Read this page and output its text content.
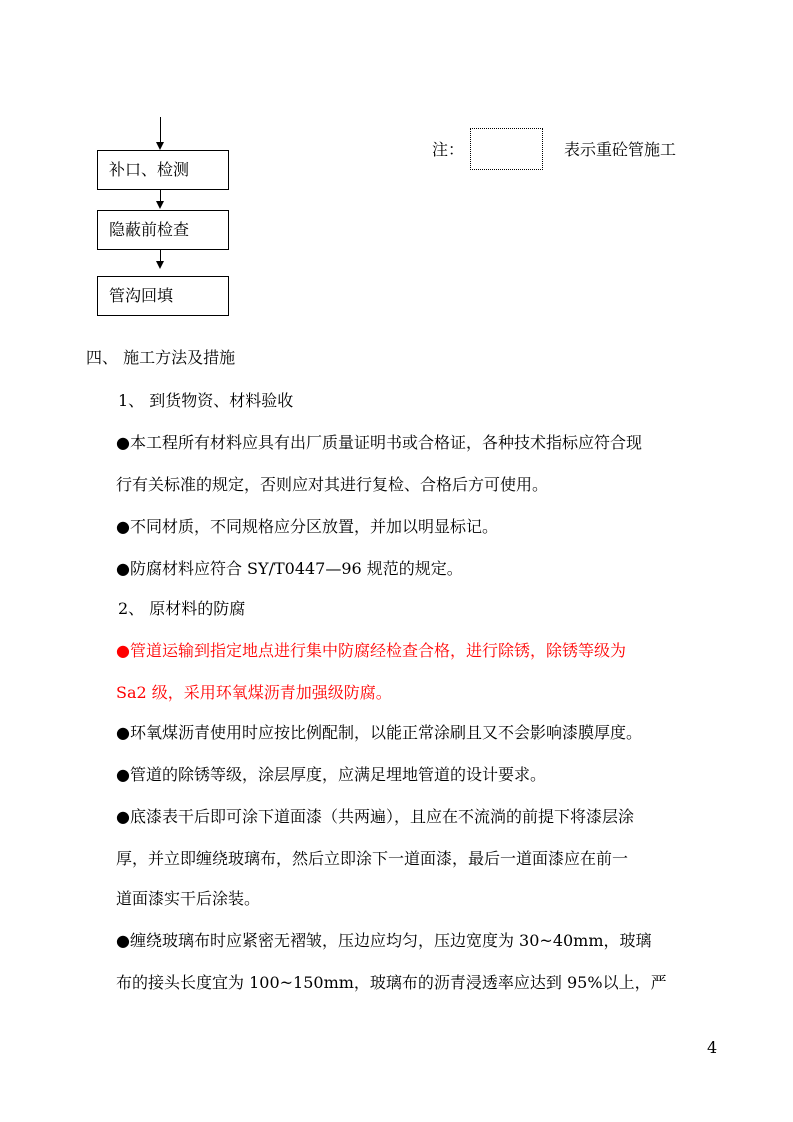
补口、检测
隐蔽前检查
管沟回填
注：	表示重砼管施工
四、 施工方法及措施
1、 到货物资、材料验收
●本工程所有材料应具有出厂质量证明书或合格证，各种技术指标应符合现
行有关标准的规定，否则应对其进行复检、合格后方可使用。
●不同材质，不同规格应分区放置，并加以明显标记。
●防腐材料应符合 SY/T0447—96 规范的规定。
2、 原材料的防腐
●管道运输到指定地点进行集中防腐经检查合格，进行除锈，除锈等级为
Sa2 级，采用环氧煤沥青加强级防腐。
●环氧煤沥青使用时应按比例配制，以能正常涂刷且又不会影响漆膜厚度。
●管道的除锈等级，涂层厚度，应满足埋地管道的设计要求。
●底漆表干后即可涂下道面漆（共两遍），且应在不流淌的前提下将漆层涂
厚，并立即缠绕玻璃布，然后立即涂下一道面漆，最后一道面漆应在前一
道面漆实干后涂装。
●缠绕玻璃布时应紧密无褶皱，压边应均匀，压边宽度为 30~40mm，玻璃
布的接头长度宜为 100~150mm，玻璃布的沥青浸透率应达到 95%以上，严
4
